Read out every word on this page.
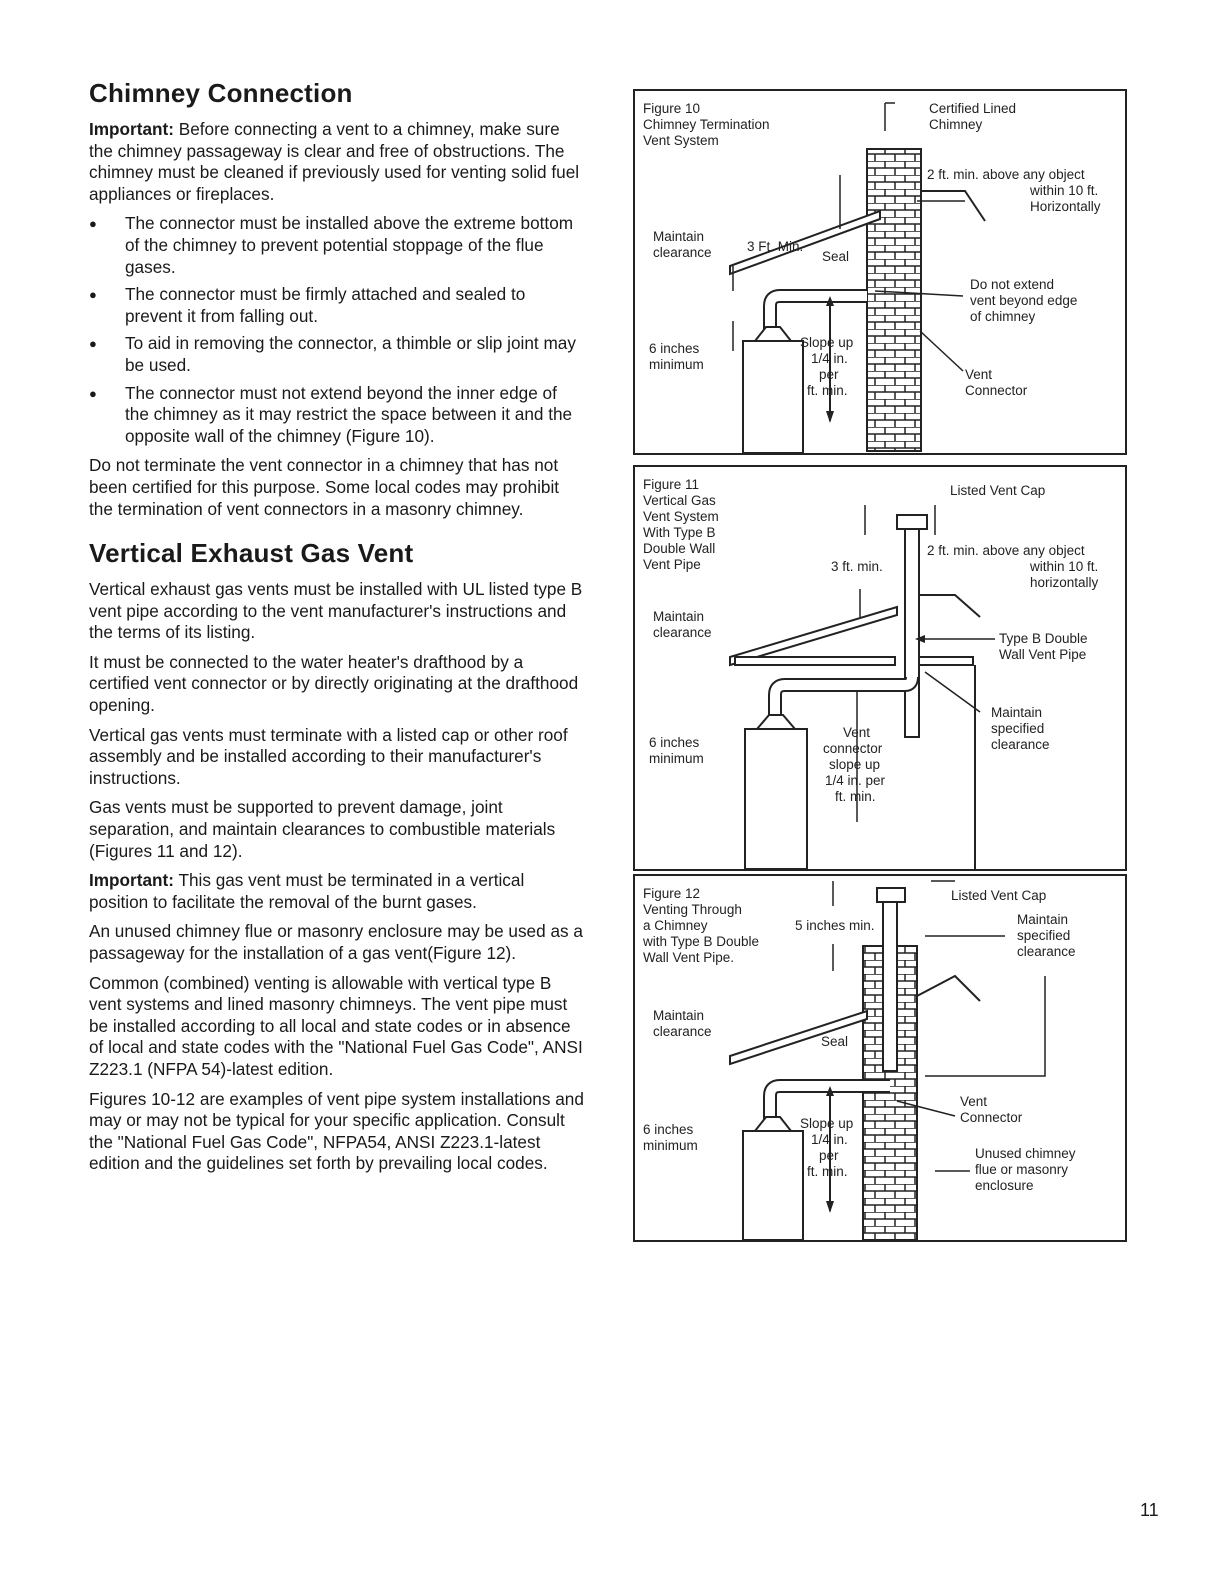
Chimney Connection

Important: Before connecting a vent to a chimney, make sure the chimney passageway is clear and free of obstructions. The chimney must be cleaned if previously used for venting solid fuel appliances or fireplaces.

● The connector must be installed above the extreme bottom of the chimney to prevent potential stoppage of the flue gases.
● The connector must be firmly attached and sealed to prevent it from falling out.
● To aid in removing the connector, a thimble or slip joint may be used.
● The connector must not extend beyond the inner edge of the chimney as it may restrict the space between it and the opposite wall of the chimney (Figure 10).

Do not terminate the vent connector in a chimney that has not been certified for this purpose. Some local codes may prohibit the termination of vent connectors in a masonry chimney.

Vertical Exhaust Gas Vent

Vertical exhaust gas vents must be installed with UL listed type B vent pipe according to the vent manufacturer's instructions and the terms of its listing.

It must be connected to the water heater's drafthood by a certified vent connector or by directly originating at the drafthood opening.

Vertical gas vents must terminate with a listed cap or other roof assembly and be installed according to their manufacturer's instructions.

Gas vents must be supported to prevent damage, joint separation, and maintain clearances to combustible materials (Figures 11 and 12).

Important: This gas vent must be terminated in a vertical position to facilitate the removal of the burnt gases.

An unused chimney flue or masonry enclosure may be used as a passageway for the installation of a gas vent(Figure 12).

Common (combined) venting is allowable with vertical type B vent systems and lined masonry chimneys. The vent pipe must be installed according to all local and state codes or in absence of local and state codes with the "National Fuel Gas Code", ANSI Z223.1 (NFPA 54)-latest edition.

Figures 10-12 are examples of vent pipe system installations and may or may not be typical for your specific application. Consult the "National Fuel Gas Code", NFPA54, ANSI Z223.1-latest edition and the guidelines set forth by prevailing local codes.

Figure 10
Chimney Termination
Vent System
Certified Lined
Chimney
2 ft. min. above any object
within 10 ft.
Horizontally
3 Ft. Min.
Maintain
clearance	Seal
Do not extend
vent beyond edge
of chimney
6 inches
minimum
Slope up
1/4 in.
per
ft. min.
Vent
Connector
Figure 11
Vertical Gas
Vent System
With Type B
Double Wall
Vent Pipe
Listed Vent Cap
3 ft. min.
2 ft. min. above any object
within 10 ft.
horizontally
Maintain
clearance	Type B Double
Wall Vent Pipe
Maintain
specified
clearance
6 inches
minimum
Vent
connector
slope up
1/4 in. per
ft. min.
Figure 12
Venting Through
a Chimney
with Type B Double
Wall Vent Pipe.
Listed Vent Cap
5 inches min.	Maintain
specified
clearance
Maintain
clearance
Seal
Vent
Connector
6 inches
minimum
Slope up
1/4 in.
per
ft. min.
Unused chimney
flue or masonry
enclosure
11
